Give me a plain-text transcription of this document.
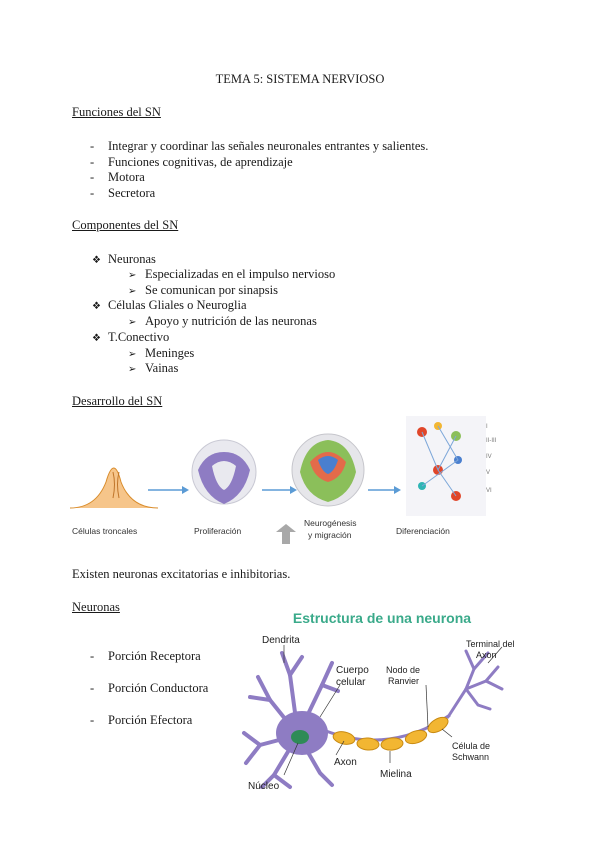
TEMA 5: SISTEMA NERVIOSO
Funciones del SN
- Integrar y coordinar las señales neuronales entrantes y salientes.
- Funciones cognitivas, de aprendizaje
- Motora
- Secretora
Componentes del SN
❖ Neuronas
➢ Especializadas en el impulso nervioso
➢ Se comunican por sinapsis
❖ Células Gliales o Neuroglia
➢ Apoyo y nutrición de las neuronas
❖ T.Conectivo
➢ Meninges
➢ Vainas
Desarrollo del SN
II-III
IV
V
VI
I
Células troncales	Proliferación
Neurogénesis
y migración	Diferenciación
Existen neuronas excitatorias e inhibitorias.
Neuronas
- Porción Receptora
- Porción Conductora
- Porción Efectora
Estructura de una neurona
Dendrita
Cuerpo
celular
Nodo de
Ranvier
Terminal del
Axon
Axon
Mielina
Núcleo
Célula de
Schwann
